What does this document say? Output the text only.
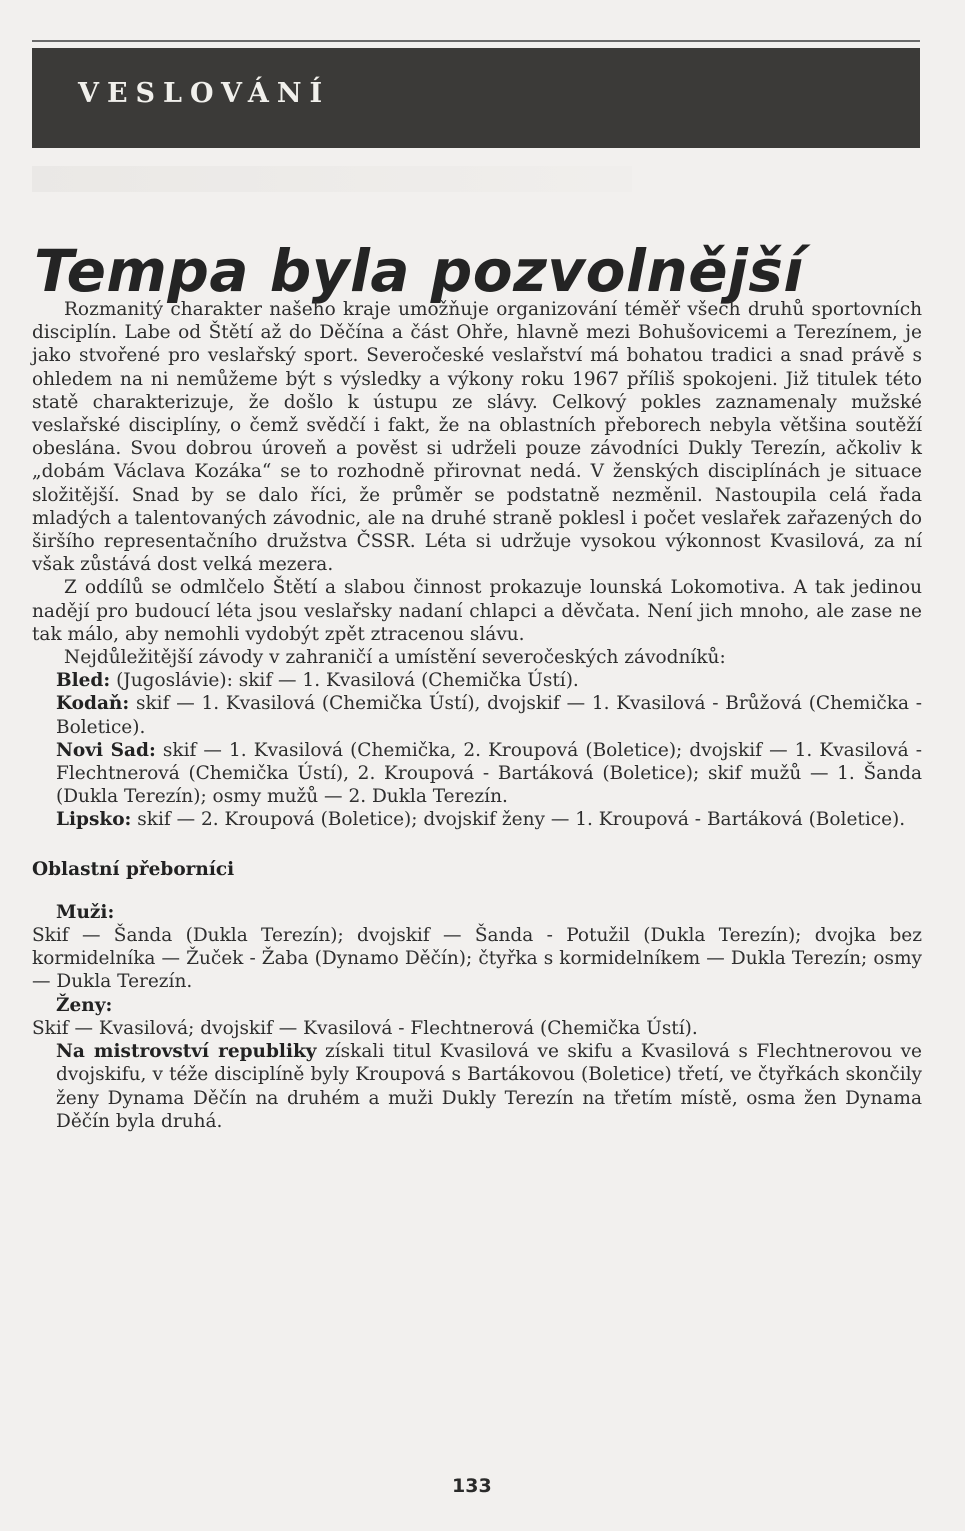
VESLOVÁNÍ
Tempa byla pozvolnější

Rozmanitý charakter našeho kraje umožňuje organizování téměř všech druhů sportovních disciplín. Labe od Štětí až do Děčína a část Ohře, hlavně mezi Bohušovicemi a Terezínem, je jako stvořené pro veslařský sport. Severočeské veslařství má bohatou tradici a snad právě s ohledem na ni nemůžeme být s výsledky a výkony roku 1967 příliš spokojeni. Již titulek této statě charakterizuje, že došlo k ústupu ze slávy. Celkový pokles zaznamenaly mužské veslařské disciplíny, o čemž svědčí i fakt, že na oblastních přeborech nebyla většina soutěží obeslána. Svou dobrou úroveň a pověst si udrželi pouze závodníci Dukly Terezín, ačkoliv k „dobám Václava Kozáka“ se to rozhodně přirovnat nedá. V ženských disciplínách je situace složitější. Snad by se dalo říci, že průměr se podstatně nezměnil. Nastoupila celá řada mladých a talentovaných závodnic, ale na druhé straně poklesl i počet veslařek zařazených do širšího representačního družstva ČSSR. Léta si udržuje vysokou výkonnost Kvasilová, za ní však zůstává dost velká mezera.

Z oddílů se odmlčelo Štětí a slabou činnost prokazuje lounská Lokomotiva. A tak jedinou nadějí pro budoucí léta jsou veslařsky nadaní chlapci a děvčata. Není jich mnoho, ale zase ne tak málo, aby nemohli vydobýt zpět ztracenou slávu.

Nejdůležitější závody v zahraničí a umístění severočeských závodníků:

Bled: (Jugoslávie): skif — 1. Kvasilová (Chemička Ústí).

Kodaň: skif — 1. Kvasilová (Chemička Ústí), dvojskif — 1. Kvasilová - Brůžová (Chemička - Boletice).

Novi Sad: skif — 1. Kvasilová (Chemička, 2. Kroupová (Boletice); dvojskif — 1. Kvasilová - Flechtnerová (Chemička Ústí), 2. Kroupová - Bartáková (Boletice); skif mužů — 1. Šanda (Dukla Terezín); osmy mužů — 2. Dukla Terezín.

Lipsko: skif — 2. Kroupová (Boletice); dvojskif ženy — 1. Kroupová - Bartáková (Boletice).

Oblastní přeborníci

Muži:

Skif — Šanda (Dukla Terezín); dvojskif — Šanda - Potužil (Dukla Terezín); dvojka bez kormidelníka — Žuček - Žaba (Dynamo Děčín); čtyřka s kormidelníkem — Dukla Terezín; osmy — Dukla Terezín.

Ženy:

Skif — Kvasilová; dvojskif — Kvasilová - Flechtnerová (Chemička Ústí).

Na mistrovství republiky získali titul Kvasilová ve skifu a Kvasilová s Flechtnerovou ve dvojskifu, v téže disciplíně byly Kroupová s Bartákovou (Boletice) třetí, ve čtyřkách skončily ženy Dynama Děčín na druhém a muži Dukly Terezín na třetím místě, osma žen Dynama Děčín byla druhá.

133
